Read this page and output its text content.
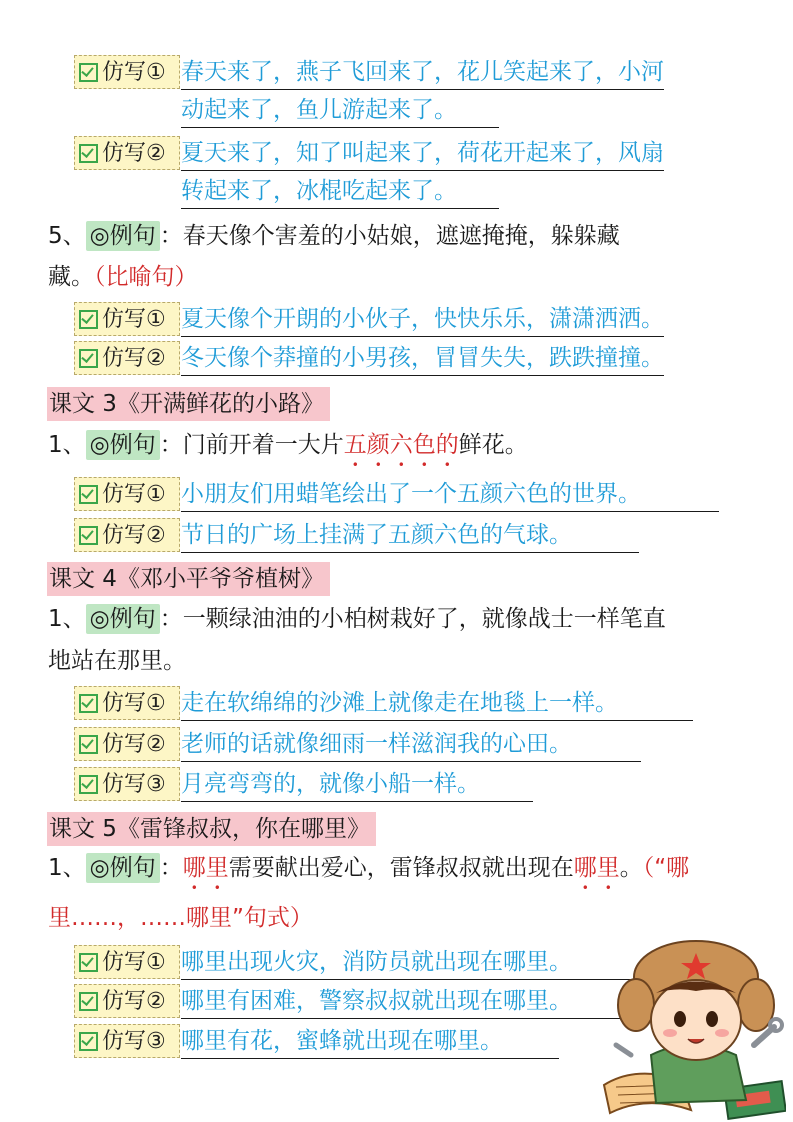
仿写① 春天来了，燕子飞回来了，花儿笑起来了，小河
动起来了，鱼儿游起来了。
仿写② 夏天来了，知了叫起来了，荷花开起来了，风扇
转起来了，冰棍吃起来了。
5、 ◎例句 ：春天像个害羞的小姑娘，遮遮掩掩，躲躲藏
藏。（比喻句）
仿写① 夏天像个开朗的小伙子，快快乐乐，潇潇洒洒。
仿写② 冬天像个莽撞的小男孩，冒冒失失，跌跌撞撞。
课文 3《开满鲜花的小路》
1、 ◎例句 ：门前开着一大片五颜六色的鲜花。
仿写① 小朋友们用蜡笔绘出了一个五颜六色的世界。
仿写② 节日的广场上挂满了五颜六色的气球。
课文 4《邓小平爷爷植树》
1、 ◎例句 ：一颗绿油油的小柏树栽好了，就像战士一样笔直
地站在那里。
仿写① 走在软绵绵的沙滩上就像走在地毯上一样。
仿写② 老师的话就像细雨一样滋润我的心田。
仿写③ 月亮弯弯的，就像小船一样。
课文 5《雷锋叔叔，你在哪里》
1、 ◎例句 ：哪里需要献出爱心，雷锋叔叔就出现在哪里。（“哪
里……，……哪里”句式）
仿写① 哪里出现火灾，消防员就出现在哪里。
仿写② 哪里有困难，警察叔叔就出现在哪里。
仿写③ 哪里有花，蜜蜂就出现在哪里。
